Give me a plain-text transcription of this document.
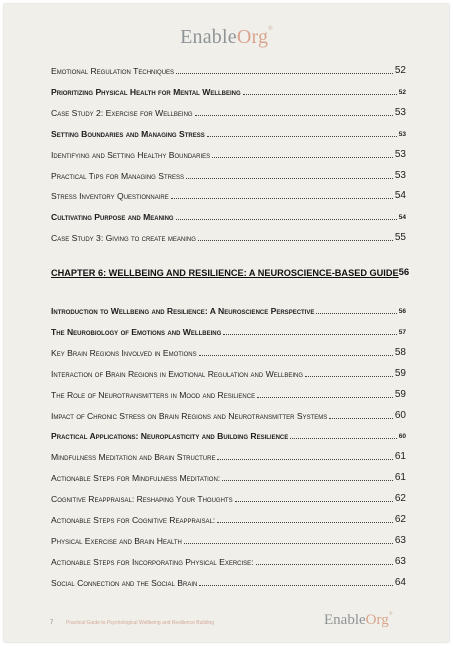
EnableOrg®
CHAPTER 6: WELLBEING AND RESILIENCE: A NEUROSCIENCE-BASED GUIDE 56
Emotional Regulation Techniques	52
Prioritizing Physical Health for Mental Wellbeing	52
Case Study 2: Exercise for Wellbeing	53
Setting Boundaries and Managing Stress	53
Identifying and Setting Healthy Boundaries	53
Practical Tips for Managing Stress	53
Stress Inventory Questionnaire	54
Cultivating Purpose and Meaning	54
Case Study 3: Giving to create meaning	55
Introduction to Wellbeing and Resilience: A Neuroscience Perspective	56
The Neurobiology of Emotions and Wellbeing	57
Key Brain Regions Involved in Emotions	58
Interaction of Brain Regions in Emotional Regulation and Wellbeing	59
The Role of Neurotransmitters in Mood and Resilience	59
Impact of Chronic Stress on Brain Regions and Neurotransmitter Systems	60
Practical Applications: Neuroplasticity and Building Resilience	60
Mindfulness Meditation and Brain Structure	61
Actionable Steps for Mindfulness Meditation:	61
Cognitive Reappraisal: Reshaping Your Thoughts	62
Actionable Steps for Cognitive Reappraisal:	62
Physical Exercise and Brain Health	63
Actionable Steps for Incorporating Physical Exercise:	63
Social Connection and the Social Brain	64
7	Practical Guide to Psychological Wellbeing and Resilience Building	EnableOrg®
